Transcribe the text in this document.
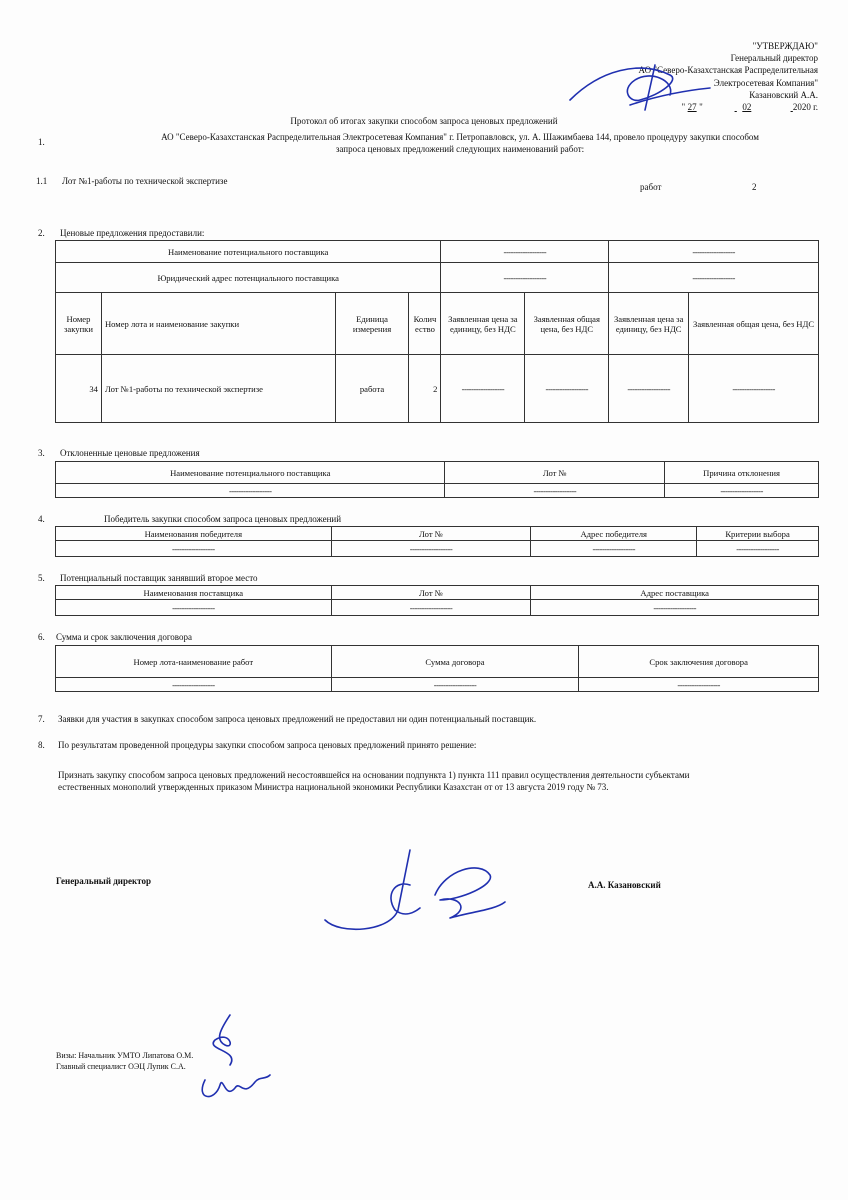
"УТВЕРЖДАЮ"
Генеральный директор
АО "Северо-Казахстанская Распределительная
Электросетевая Компания"
Казановский А.А.
" 27 "	02	2020 г.
Протокол об итогах закупки способом запроса ценовых предложений
1.	АО "Северо-Казахстанская Распределительная Электросетевая Компания" г. Петропавловск, ул. А. Шажимбаева 144, провело процедуру закупки способом
запроса ценовых предложений следующих наименований работ:
1.1 Лот №1-работы по технической экспертизе
работ	2
2. Ценовые предложения предоставили:
Наименование потенциального поставщика				------------------		------------------	
Юридический адрес потенциального поставщика				------------------		------------------	
Номер закупки	Номер лота и наименование закупки	Единица измерения	Количество	Заявленная цена за единицу, без НДС	Заявленная общая цена, без НДС	Заявленная цена за единицу, без НДС	Заявленная общая цена, без НДС
34	Лот №1-работы по технической экспертизе	работа	2	------------------	------------------	------------------	------------------
3. Отклоненные ценовые предложения
Наименование потенциального поставщика	Лот №	Причина отклонения
------------------	------------------	------------------
4.	Победитель закупки способом запроса ценовых предложений
Наименования победителя	Лот №	Адрес победителя	Критерии выбора
------------------	------------------	------------------	------------------
5. Потенциальный поставщик занявший второе место
Наименования поставщика	Лот №	Адрес поставщика
------------------	------------------	------------------
6. Сумма и срок заключения договора
Номер лота-наименование работ	Сумма договора	Срок заключения договора
------------------	------------------	------------------
7. Заявки для участия в закупках способом запроса ценовых предложений не предоставил ни один потенциальный поставщик.
8. По результатам проведенной процедуры закупки способом запроса ценовых предложений принято решение:
Признать закупку способом запроса ценовых предложений несостоявшейся на основании подпункта 1) пункта 111 правил осуществления деятельности субъектами
естественных монополий утвержденных приказом Министра национальной экономики Республики Казахстан от от 13 августа 2019 году № 73.
Генеральный директор	А.А. Казановский
Визы: Начальник УМТО Липатова О.М.
Главный специалист ОЭЦ Лупик С.А.
